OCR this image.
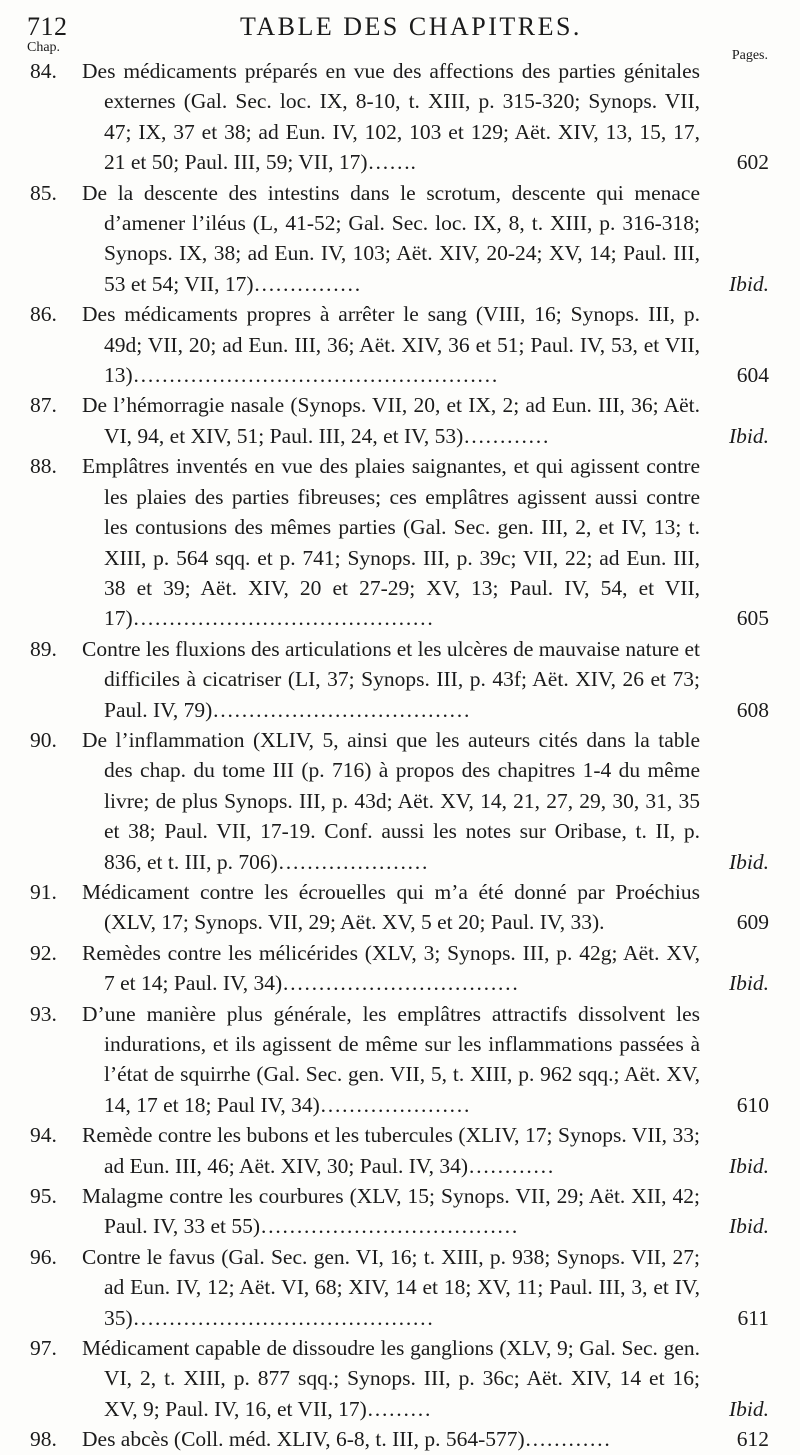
712	TABLE DES CHAPITRES.
Chap.
Pages.
84. Des médicaments préparés en vue des affections des parties génitales externes (Gal. Sec. loc. IX, 8-10, t. XIII, p. 315-320; Synops. VII, 47; IX, 37 et 38; ad Eun. IV, 102, 103 et 129; Aët. XIV, 13, 15, 17, 21 et 50; Paul. III, 59; VII, 17)…….	602
85. De la descente des intestins dans le scrotum, descente qui menace d’amener l’iléus (L, 41-52; Gal. Sec. loc. IX, 8, t. XIII, p. 316-318; Synops. IX, 38; ad Eun. IV, 103; Aët. XIV, 20-24; XV, 14; Paul. III, 53 et 54; VII, 17)……………	Ibid.
86. Des médicaments propres à arrêter le sang (VIII, 16; Synops. III, p. 49d; VII, 20; ad Eun. III, 36; Aët. XIV, 36 et 51; Paul. IV, 53, et VII, 13)……………………………………………	604
87. De l’hémorragie nasale (Synops. VII, 20, et IX, 2; ad Eun. III, 36; Aët. VI, 94, et XIV, 51; Paul. III, 24, et IV, 53)…………	Ibid.
88. Emplâtres inventés en vue des plaies saignantes, et qui agissent contre les plaies des parties fibreuses; ces emplâtres agissent aussi contre les contusions des mêmes parties (Gal. Sec. gen. III, 2, et IV, 13; t. XIII, p. 564 sqq. et p. 741; Synops. III, p. 39c; VII, 22; ad Eun. III, 38 et 39; Aët. XIV, 20 et 27-29; XV, 13; Paul. IV, 54, et VII, 17)……………………………………	605
89. Contre les fluxions des articulations et les ulcères de mauvaise nature et difficiles à cicatriser (LI, 37; Synops. III, p. 43f; Aët. XIV, 26 et 73; Paul. IV, 79)………………………………	608
90. De l’inflammation (XLIV, 5, ainsi que les auteurs cités dans la table des chap. du tome III (p. 716) à propos des chapitres 1-4 du même livre; de plus Synops. III, p. 43d; Aët. XV, 14, 21, 27, 29, 30, 31, 35 et 38; Paul. VII, 17-19. Conf. aussi les notes sur Oribase, t. II, p. 836, et t. III, p. 706)…………………	Ibid.
91. Médicament contre les écrouelles qui m’a été donné par Proéchius (XLV, 17; Synops. VII, 29; Aët. XV, 5 et 20; Paul. IV, 33).	609
92. Remèdes contre les mélicérides (XLV, 3; Synops. III, p. 42g; Aët. XV, 7 et 14; Paul. IV, 34)……………………………	Ibid.
93. D’une manière plus générale, les emplâtres attractifs dissolvent les indurations, et ils agissent de même sur les inflammations passées à l’état de squirrhe (Gal. Sec. gen. VII, 5, t. XIII, p. 962 sqq.; Aët. XV, 14, 17 et 18; Paul IV, 34)…………………	610
94. Remède contre les bubons et les tubercules (XLIV, 17; Synops. VII, 33; ad Eun. III, 46; Aët. XIV, 30; Paul. IV, 34)…………	Ibid.
95. Malagme contre les courbures (XLV, 15; Synops. VII, 29; Aët. XII, 42; Paul. IV, 33 et 55)………………………………	Ibid.
96. Contre le favus (Gal. Sec. gen. VI, 16; t. XIII, p. 938; Synops. VII, 27; ad Eun. IV, 12; Aët. VI, 68; XIV, 14 et 18; XV, 11; Paul. III, 3, et IV, 35)……………………………………	611
97. Médicament capable de dissoudre les ganglions (XLV, 9; Gal. Sec. gen. VI, 2, t. XIII, p. 877 sqq.; Synops. III, p. 36c; Aët. XIV, 14 et 16; XV, 9; Paul. IV, 16, et VII, 17)………	Ibid.
98. Des abcès (Coll. méd. XLIV, 6-8, t. III, p. 564-577)…………	612
